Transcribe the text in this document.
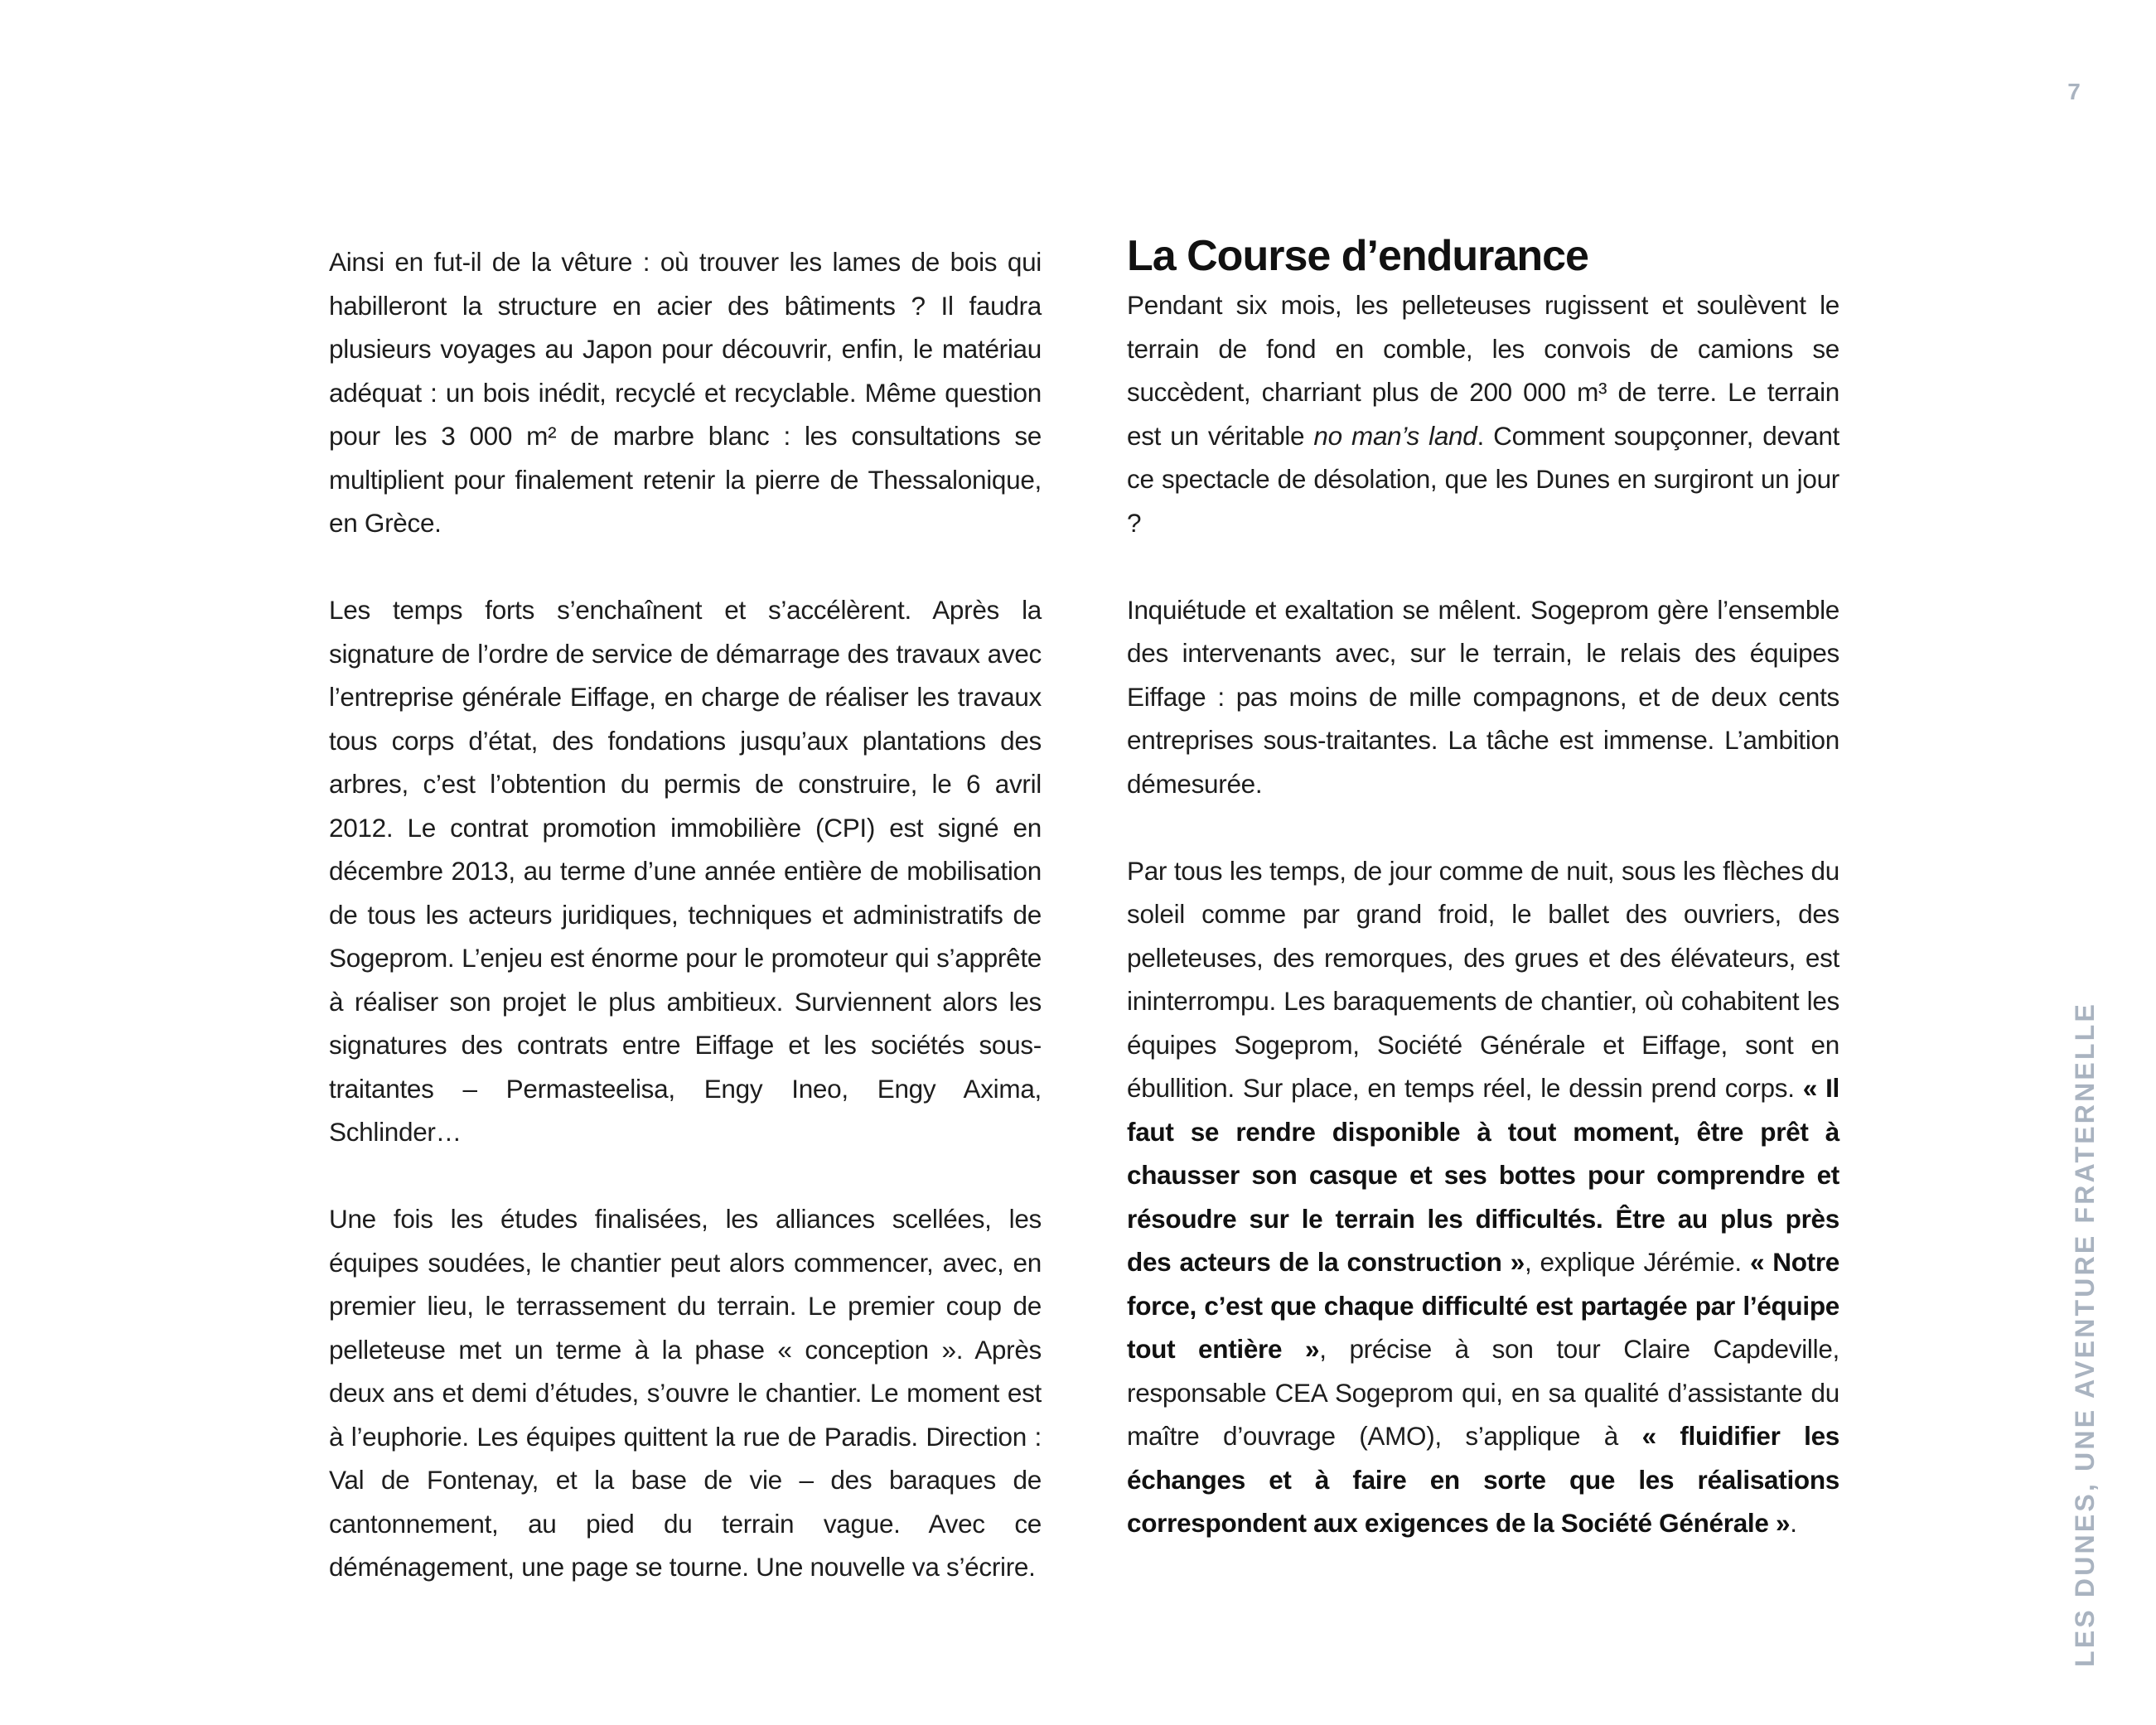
7
LES DUNES, UNE AVENTURE FRATERNELLE

Ainsi en fut-il de la vêture : où trouver les lames de bois qui habilleront la structure en acier des bâtiments ? Il faudra plusieurs voyages au Japon pour découvrir, enfin, le matériau adéquat : un bois inédit, recyclé et recyclable. Même question pour les 3 000 m² de marbre blanc : les consultations se multiplient pour finalement retenir la pierre de Thessalonique, en Grèce.

Les temps forts s’enchaînent et s’accélèrent. Après la signature de l’ordre de service de démarrage des travaux avec l’entreprise générale Eiffage, en charge de réaliser les travaux tous corps d’état, des fondations jusqu’aux plantations des arbres, c’est l’obtention du permis de construire, le 6 avril 2012. Le contrat promotion immobilière (CPI) est signé en décembre 2013, au terme d’une année entière de mobilisation de tous les acteurs juridiques, techniques et administratifs de Sogeprom. L’enjeu est énorme pour le promoteur qui s’apprête à réaliser son projet le plus ambitieux. Surviennent alors les signatures des contrats entre Eiffage et les sociétés sous-traitantes – Permasteelisa, Engy Ineo, Engy Axima, Schlinder…

Une fois les études finalisées, les alliances scellées, les équipes soudées, le chantier peut alors commencer, avec, en premier lieu, le terrassement du terrain. Le premier coup de pelleteuse met un terme à la phase « conception ». Après deux ans et demi d’études, s’ouvre le chantier. Le moment est à l’euphorie. Les équipes quittent la rue de Paradis. Direction : Val de Fontenay, et la base de vie – des baraques de cantonnement, au pied du terrain vague. Avec ce déménagement, une page se tourne. Une nouvelle va s’écrire.

La Course d’endurance

Pendant six mois, les pelleteuses rugissent et soulèvent le terrain de fond en comble, les convois de camions se succèdent, charriant plus de 200 000 m³ de terre. Le terrain est un véritable no man’s land. Comment soupçonner, devant ce spectacle de désolation, que les Dunes en surgiront un jour ?

Inquiétude et exaltation se mêlent. Sogeprom gère l’ensemble des intervenants avec, sur le terrain, le relais des équipes Eiffage : pas moins de mille compagnons, et de deux cents entreprises sous-traitantes. La tâche est immense. L’ambition démesurée.

Par tous les temps, de jour comme de nuit, sous les flèches du soleil comme par grand froid, le ballet des ouvriers, des pelleteuses, des remorques, des grues et des élévateurs, est ininterrompu. Les baraquements de chantier, où cohabitent les équipes Sogeprom, Société Générale et Eiffage, sont en ébullition. Sur place, en temps réel, le dessin prend corps. « Il faut se rendre disponible à tout moment, être prêt à chausser son casque et ses bottes pour comprendre et résoudre sur le terrain les difficultés. Être au plus près des acteurs de la construction », explique Jérémie. « Notre force, c’est que chaque difficulté est partagée par l’équipe tout entière », précise à son tour Claire Capdeville, responsable CEA Sogeprom qui, en sa qualité d’assistante du maître d’ouvrage (AMO), s’applique à « fluidifier les échanges et à faire en sorte que les réalisations correspondent aux exigences de la Société Générale ».
